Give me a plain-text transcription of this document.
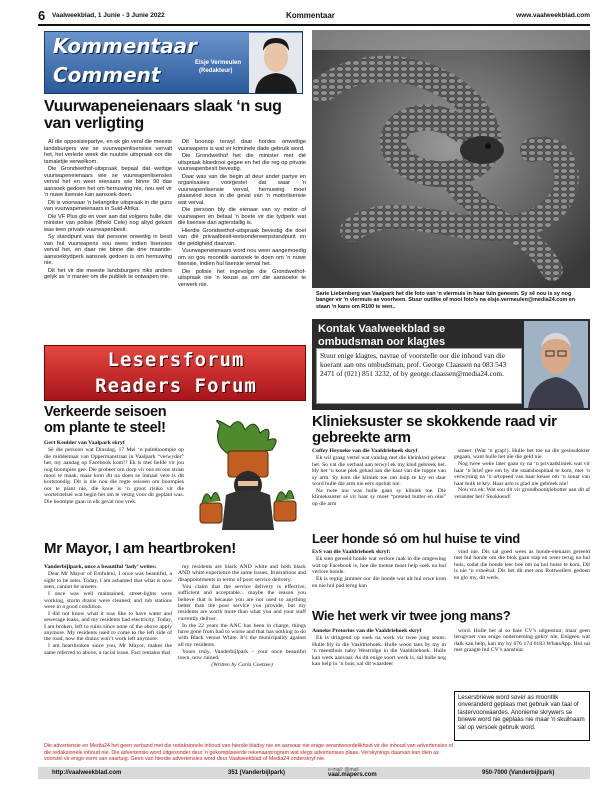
6 Vaalweekblad, 1 Junie - 3 Junie 2022	Kommentaar	www.vaalweekblad.com
Kommentaar
Comment	Elsje Vermeulen
(Redakteur)
Vuurwapeneienaars slaak ‘n sug van verligting

AI die opposisiepartye, en ek glo veral die meeste landsburgers wie se vuurwapenlisensies vervalt het, het verlede week die nuutste uitspraak oor die tamaletjie verwelkom.

Die Grondwethof-uitspraak bepaal dat wettige vuurwapeneienaars wie se vuurwapenlisensies verval het en weer eienaars wie binne 90 dae aansoek gedoen het om hernuwing nie, nou wel vir ‘n nuwe lisensie kan aansoek doen.

Dit is voorwaar ‘n belangrike uitspraak in die guns van vuurwapeneienaars in Suid-Afrika.

Die VF Plus glo en voer aan dat volgens hulle, die minister van polisie (Bheki Cele) nog altyd gekant was teen private vuurwapenbesit.

Sy standpunt was dat persone onwettig in besit van hul vuurwapens sou wees indien lisensies verval het, en daar nie binne die drie maande-aansoektydperk aansoek gedoen is om hernuwing nie.

Dit het vir die meeste landsburgers niks anders gelyk as ‘n manier om die publiek te ontwapen nie.

Dit boonop terwyl daar hordes onwettige vuurwapens is wat vir kriminele dade gebruik word.

Die Grondwethof het die minister met dié uitspraak bloedrooi gegee en het die reg op private vuurwapenbesit bevestig.

Daar was van die begin af deur ander partye en organisasies voorgestel dat waar ‘n vuurwapenlisensie verval, hernuwing moet plaasvind soos in die geval van ‘n motorlisensie wat verval.

Die persoon bly die eienaar van sy motor of vuurwapen en betaal ‘n boete vir die tydperk wat die lisensie dan agterstallig is.

Hierdie Grondwethof-uitspraak bevestig die doel van dié privaatbesit-wetsonderwerpstandpunt en die geldigheid daarvan.

Vuurwapeneienaars word nou weer aangemoedig om so gou moontlik aansoek te doen om ‘n nuwe lisensie, indien hul lisensie verval het.

Die polisie het ingevolge die Grondwethof-uitspraak nie ‘n keuse as om die aansoeke te verwerk nie.

Sarie Liebenberg van Vaalpark het die foto van ‘n vlermuis in haar tuin geneem. Sy sê nou is sy nog banger vir ‘n vlermuis as voorheen. Stuur outlike of mooi foto’s na elsje.vermeulen@media24.com en staan ‘n kans om R100 te wen..
Lesersforum
Readers Forum
Verkeerde seisoen om plante te steel!
Gert Keulder van Vaalpark skryf

Sê die persoon wat Dinsdag, 17 Mei ‘n palmboompie op die middelman van Oppermanstraat in Vaalpark “verwyder” het, my aandag op Facebook kom!? Ek is met liefde vir jou nog boompies gee. Die probeer om dorp vir ons en ons straat mooi te maak, maar kom dit na doen se inmaal vere is dit kortstondig. Dit is nie nou die regte seisoen om boompies oor te plant nie, die koue is ‘n groot risiko vir die wortelstelsel wat begin het om te vestig voor dit geplant was. Die boompie gaan in elk geval nou vrek.

Mr Mayor, I am heartbroken!
Vanderbijlpark, once a beautiful ‘lady’ writes:

Dear Mr Mayor of Emfuleni, I once was beautiful, a sight to be seen. Today, I am ashamed that what is now seen, cannot be unseen.

I once was well maintained, street-lights were working, storm drains were cleaned, and rub stations were in a good condition.

I did not know what it was like to have water and sewerage leaks, and my residents had electricity. Today, I am broken, left to ruins since none of the above apply anymore. My residents used to come to the left side of the road, now the drains won’t work left anymore.

I am heartbroken since you, Mr Mayor, makes the same referred to above, a racial issue. Fact remains that

my residents are black AND white and both black AND white experience the same issues, frustrations and disappointments in terms of poor service delivery.

You claim that the service delivery is effective, sufficient and acceptable... maybe the reason you believe that is because you are not used to anything better than the poor service you provide, but my residents are worth more than what you and your staff currently deliver.

In the 22 years the ANC has been in charge, things have gone from bad to worse and that has nothing to do with Black versus White. It’s the municipality against all my residents.

Yours truly, Vanderbijlpark - your once beautiful town, now ruined.

(Written by Carla Coetzee)

Kontak Vaalweekblad se
ombudsman oor klagtes
Stuur enige klagtes, navrae of voorstelle oor die inhoud van die koerant aan ons ombudsman, prof. George Claassen na 083 543 2471 of (021) 851 3232, of by george.claassen@media24.com.
Klinieksuster se skokkende raad vir gebreekte arm
Coffey Heyneke van die Vaaldriehoek skryf

Ek wil graag vertel wat vandag met die kleinkind gebeur het. So vat die verhaal aan terwyl ek my kind gebreek het. Hy het ‘n koue plek gehad aan die kant van die toppie van sy arm. Sy kom die kliniek toe om hulp te kry en daar word hulle die arm nie eers opsluit nie.

Na twee uur was hulle gaan sy kliniek toe. Die klinieksuster sê vir haar sy moet “pretend butter en olie” op die arm

smeer. (Wat ‘n grap!). Hulle het toe na die gesinsdokter gegaan, want hulle het nie die geld nie.

Nog twee weke later gaan sy na ‘n privaatkliniek wat vir haar ‘n brief gee om by die staatshospitaal te kom, met ‘n verwysing na ‘n ortopeed van haar keuse om ‘n sonar van haar bulk te kry. Haar arm is glad nie gebreek nie!

Nou vra ek: Wat sou dit vir grondboontjiebotter aan dit af verander het? Skokkend!

Leer honde só om hul huise te vind
EvS van die Vaaldriehoek skryf:

Ek sien gereeld honde wat verlore raak in die omgewing wat op Facebook is, hoe die mense moet help soek na hul verlore honde.

Ek is regtig jammer oor die honde wat uit hul erwe kom en nie hul pad terug kan

vind nie. Dis sal goed wees as honde-eienaars gereeld met hul honde om die blok gaan stap en weer terug na hul huis, sodat die honde leer hoe om na hul huise te kom. Dit is nie ‘n vroeëral. Dis het dit met ons Rottweilers gedoen en glo my, dit werk.

Wie het werk vir twee jong mans?
Anneke Pretorius van die Vaaldriehoek skryf

Ek is dringend op soek na werk vir twee jong seuns. Hulle bly in die Vaaldriehoek. Hulle woon tans by my in ‘n meenthuis naby Westridge in die Vaaldriehoek. Hulle kan werk aanvaar. As dit enige soort werk is, sal hulle nog kan help in ‘n huis, sal dit waardeer

word. Hulle het al so baie CV’s uitgestuur, maar geen terugvoer van enige onderneming gekry nie. Enigeen wat dalk kan help, kan my by 076 174 6183 WhatsApp. Hul sal met graagte hul CV’s aanstuur.

Lesersbriewe word sover as moontlik onveranderd geplaas met gebruik van taal of lastervoorwaardes. Anonieme skrywers se briewe word nie geplaas nie maar ‘n skuilnaam sal op versoek gebruik word.
Die advertensie en Media24 het geen verband met die redaksionele inhoud van hierdie bladsy nie en aanvaar nie enige verantwoordelikheid vir die inhoud van advertensies of die redaksionele inhoud nie. Die advertensie word uitgesonder deur ‘n gekompliseerde rekenaarprogram wat slegs advertensies plaas. Verskynings daarvan kan dien as voorstel vir enige vorm van vaartuig. Geen van hierdie advertensies word deur Vaalweekblad of Media24 onderskryf nie.
http://vaalweekblad.com	351 (Vanderbijlpark)	e-mail: @mail
vaal.mapers.com	950-7000 (Vanderbijlpark)
